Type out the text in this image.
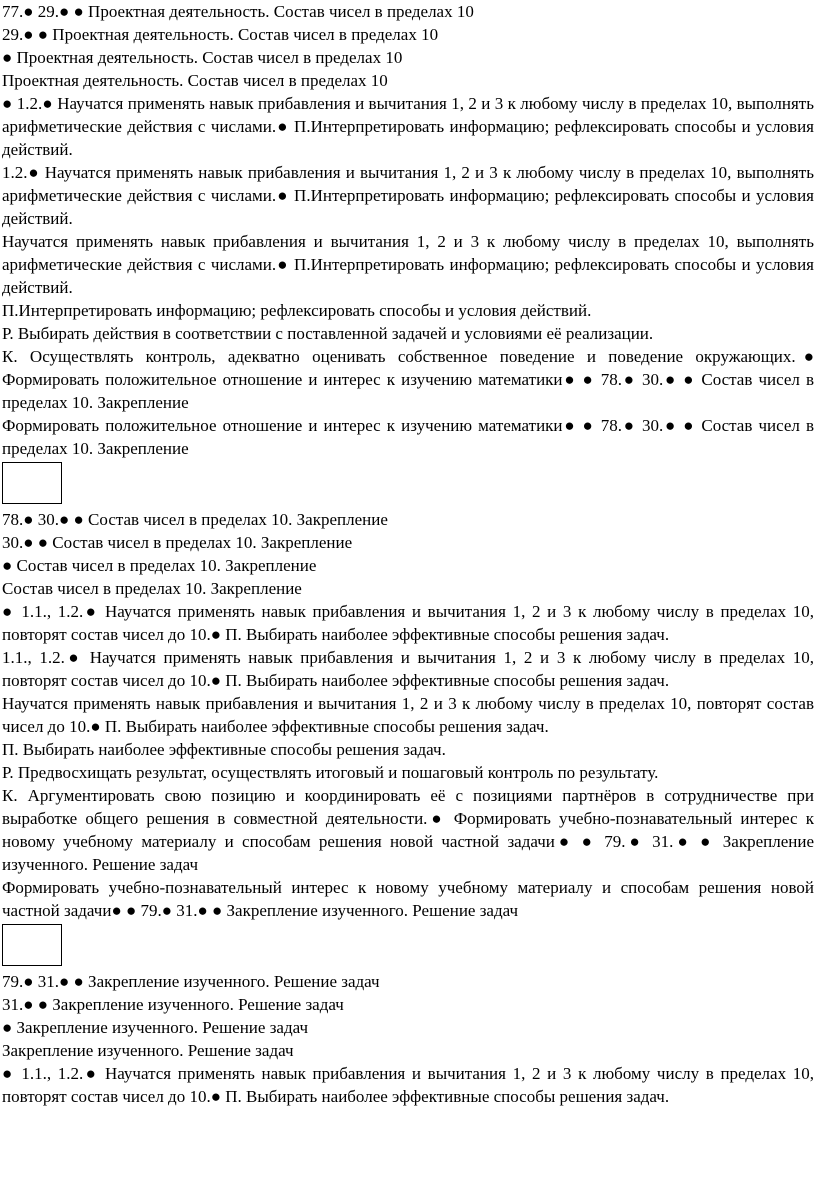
77.● 29.● ● Проектная деятельность. Состав чисел в пределах 10

29.● ● Проектная деятельность. Состав чисел в пределах 10

● Проектная деятельность. Состав чисел в пределах 10

Проектная деятельность. Состав чисел в пределах 10

● 1.2.● Научатся применять навык прибавления и вычитания 1, 2 и 3 к любому числу в пределах 10, выполнять арифметические действия с числами.● П.Интерпретировать информацию; рефлексировать способы и условия действий.

1.2.● Научатся применять навык прибавления и вычитания 1, 2 и 3 к любому числу в пределах 10, выполнять арифметические действия с числами.● П.Интерпретировать информацию; рефлексировать способы и условия действий.

Научатся применять навык прибавления и вычитания 1, 2 и 3 к любому числу в пределах 10, выполнять арифметические действия с числами.● П.Интерпретировать информацию; рефлексировать способы и условия действий.

П.Интерпретировать информацию; рефлексировать способы и условия действий.

Р. Выбирать действия в соответствии с поставленной задачей и условиями её реализации.

К. Осуществлять контроль, адекватно оценивать собственное поведение и поведение окружающих.● Формировать положительное отношение и интерес к изучению математики● ● 78.● 30.● ● Состав чисел в пределах 10. Закрепление

Формировать положительное отношение и интерес к изучению математики● ● 78.● 30.● ● Состав чисел в пределах 10. Закрепление

78.● 30.● ● Состав чисел в пределах 10. Закрепление

30.● ● Состав чисел в пределах 10. Закрепление

● Состав чисел в пределах 10. Закрепление

Состав чисел в пределах 10. Закрепление

● 1.1., 1.2.● Научатся применять навык прибавления и вычитания 1, 2 и 3 к любому числу в пределах 10, повторят состав чисел до 10.● П. Выбирать наиболее эффективные способы решения задач.

1.1., 1.2.● Научатся применять навык прибавления и вычитания 1, 2 и 3 к любому числу в пределах 10, повторят состав чисел до 10.● П. Выбирать наиболее эффективные способы решения задач.

Научатся применять навык прибавления и вычитания 1, 2 и 3 к любому числу в пределах 10, повторят состав чисел до 10.● П. Выбирать наиболее эффективные способы решения задач.

П. Выбирать наиболее эффективные способы решения задач.

Р. Предвосхищать результат, осуществлять итоговый и пошаговый контроль по результату.

К. Аргументировать свою позицию и координировать её с позициями партнёров в сотрудничестве при выработке общего решения в совместной деятельности.● Формировать учебно-познавательный интерес к новому учебному материалу и способам решения новой частной задачи● ● 79.● 31.● ● Закрепление изученного. Решение задач

Формировать учебно-познавательный интерес к новому учебному материалу и способам решения новой частной задачи● ● 79.● 31.● ● Закрепление изученного. Решение задач

79.● 31.● ● Закрепление изученного. Решение задач

31.● ● Закрепление изученного. Решение задач

● Закрепление изученного. Решение задач

Закрепление изученного. Решение задач

● 1.1., 1.2.● Научатся применять навык прибавления и вычитания 1, 2 и 3 к любому числу в пределах 10, повторят состав чисел до 10.● П. Выбирать наиболее эффективные способы решения задач.
